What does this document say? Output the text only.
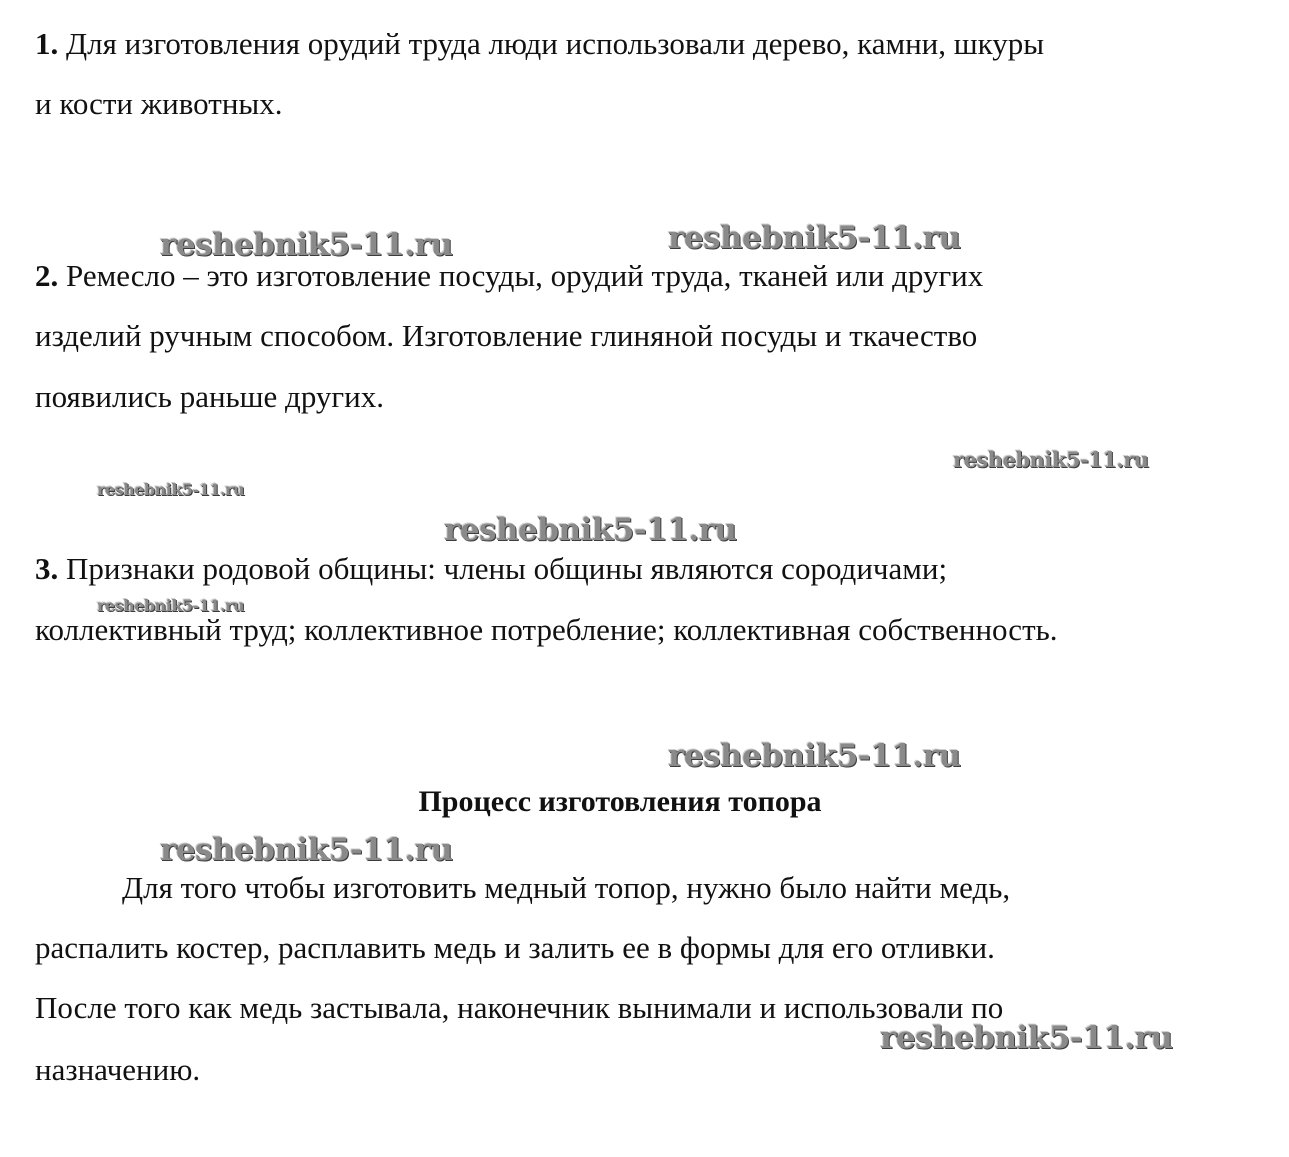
1. Для изготовления орудий труда люди использовали дерево, камни, шкуры
и кости животных.
2. Ремесло – это изготовление посуды, орудий труда, тканей или других
изделий ручным способом. Изготовление глиняной посуды и ткачество
появились раньше других.
3. Признаки родовой общины: члены общины являются сородичами;
коллективный труд; коллективное потребление; коллективная собственность.
Процесс изготовления топора
Для того чтобы изготовить медный топор, нужно было найти медь,
распалить костер, расплавить медь и залить ее в формы для его отливки.
После того как медь застывала, наконечник вынимали и использовали по
назначению.
reshebnik5-11.ru	reshebnik5-11.ru
reshebnik5-11.ru
reshebnik5-11.ru
reshebnik5-11.ru
reshebnik5-11.ru
reshebnik5-11.ru
reshebnik5-11.ru
reshebnik5-11.ru
